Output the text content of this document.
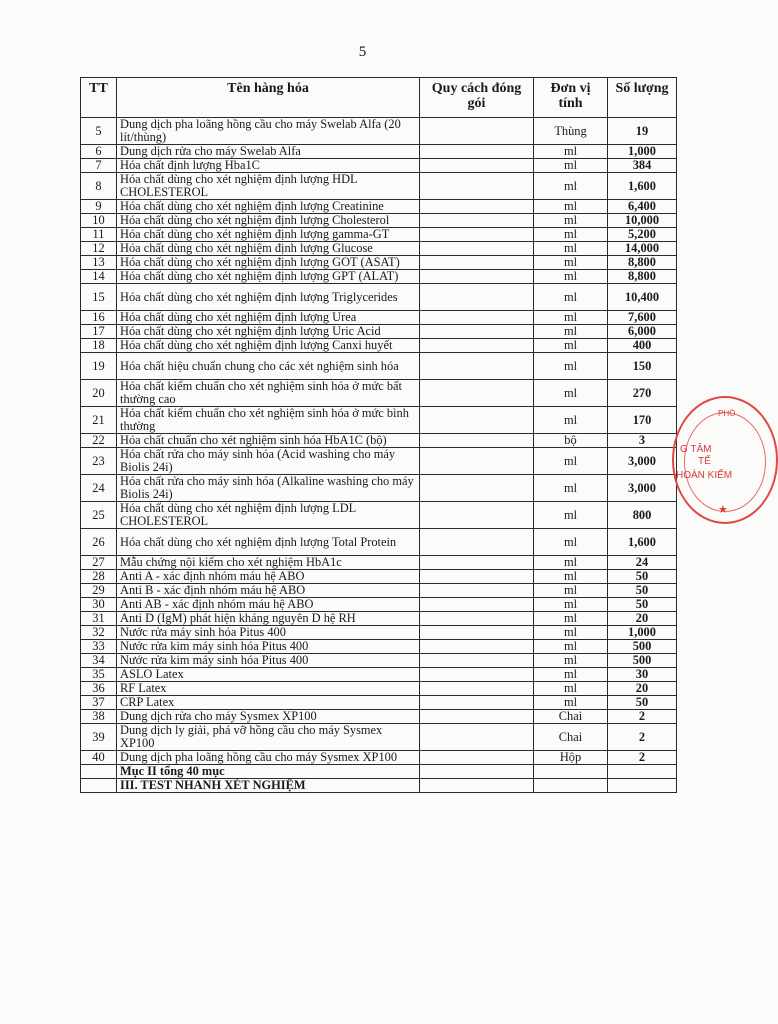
5
TT	Tên hàng hóa	Quy cách đóng gói	Đơn vị tính	Số lượng
5	Dung dịch pha loãng hồng cầu cho máy Swelab Alfa (20 lít/thùng)		Thùng	19
6	Dung dịch rửa cho máy Swelab Alfa		ml	1,000
7	Hóa chất định lượng Hba1C		ml	384
8	Hóa chất dùng cho xét nghiệm định lượng HDL CHOLESTEROL		ml	1,600
9	Hóa chất dùng cho xét nghiệm định lượng Creatinine		ml	6,400
10	Hóa chất dùng cho xét nghiệm định lượng Cholesterol		ml	10,000
11	Hóa chất dùng cho xét nghiệm định lượng gamma-GT		ml	5,200
12	Hóa chất dùng cho xét nghiệm định lượng Glucose		ml	14,000
13	Hóa chất dùng cho xét nghiệm định lượng GOT (ASAT)		ml	8,800
14	Hóa chất dùng cho xét nghiệm định lượng GPT (ALAT)		ml	8,800
15	Hóa chất dùng cho xét nghiệm định lượng Triglycerides		ml	10,400
16	Hóa chất dùng cho xét nghiệm định lượng Urea		ml	7,600
17	Hóa chất dùng cho xét nghiệm định lượng Uric Acid		ml	6,000
18	Hóa chất dùng cho xét nghiệm định lượng Canxi huyết		ml	400
19	Hóa chất hiệu chuẩn chung cho các xét nghiệm sinh hóa		ml	150
20	Hóa chất kiểm chuẩn cho xét nghiệm sinh hóa ở mức bất thường cao		ml	270
21	Hóa chất kiểm chuẩn cho xét nghiệm sinh hóa ở mức bình thường		ml	170
22	Hóa chất chuẩn cho xét nghiệm sinh hóa HbA1C (bộ)		bộ	3
23	Hóa chất rửa cho máy sinh hóa (Acid washing cho máy Biolis 24i)		ml	3,000
24	Hóa chất rửa cho máy sinh hóa (Alkaline washing cho máy Biolis 24i)		ml	3,000
25	Hóa chất dùng cho xét nghiệm định lượng LDL CHOLESTEROL		ml	800
26	Hóa chất dùng cho xét nghiệm định lượng Total Protein		ml	1,600
27	Mẫu chứng nội kiểm cho xét nghiệm HbA1c		ml	24
28	Anti A - xác định nhóm máu hệ ABO		ml	50
29	Anti B - xác định nhóm máu hệ ABO		ml	50
30	Anti AB - xác định nhóm máu hệ ABO		ml	50
31	Anti D (IgM) phát hiện kháng nguyên D hệ RH		ml	20
32	Nước rửa máy sinh hóa Pitus 400		ml	1,000
33	Nước rửa kim máy sinh hóa Pitus 400		ml	500
34	Nước rửa kim máy sinh hóa Pitus 400		ml	500
35	ASLO Latex		ml	30
36	RF Latex		ml	20
37	CRP Latex		ml	50
38	Dung dịch rửa cho máy Sysmex XP100		Chai	2
39	Dung dịch ly giải, phá vỡ hồng cầu cho máy Sysmex XP100		Chai	2
40	Dung dịch pha loãng hồng cầu cho máy Sysmex XP100		Hộp	2
	Mục II tổng 40 mục			
	III. TEST NHANH XÉT NGHIỆM			
PHÒ
G TÂM
TẾ
HOÀN KIẾM
★
